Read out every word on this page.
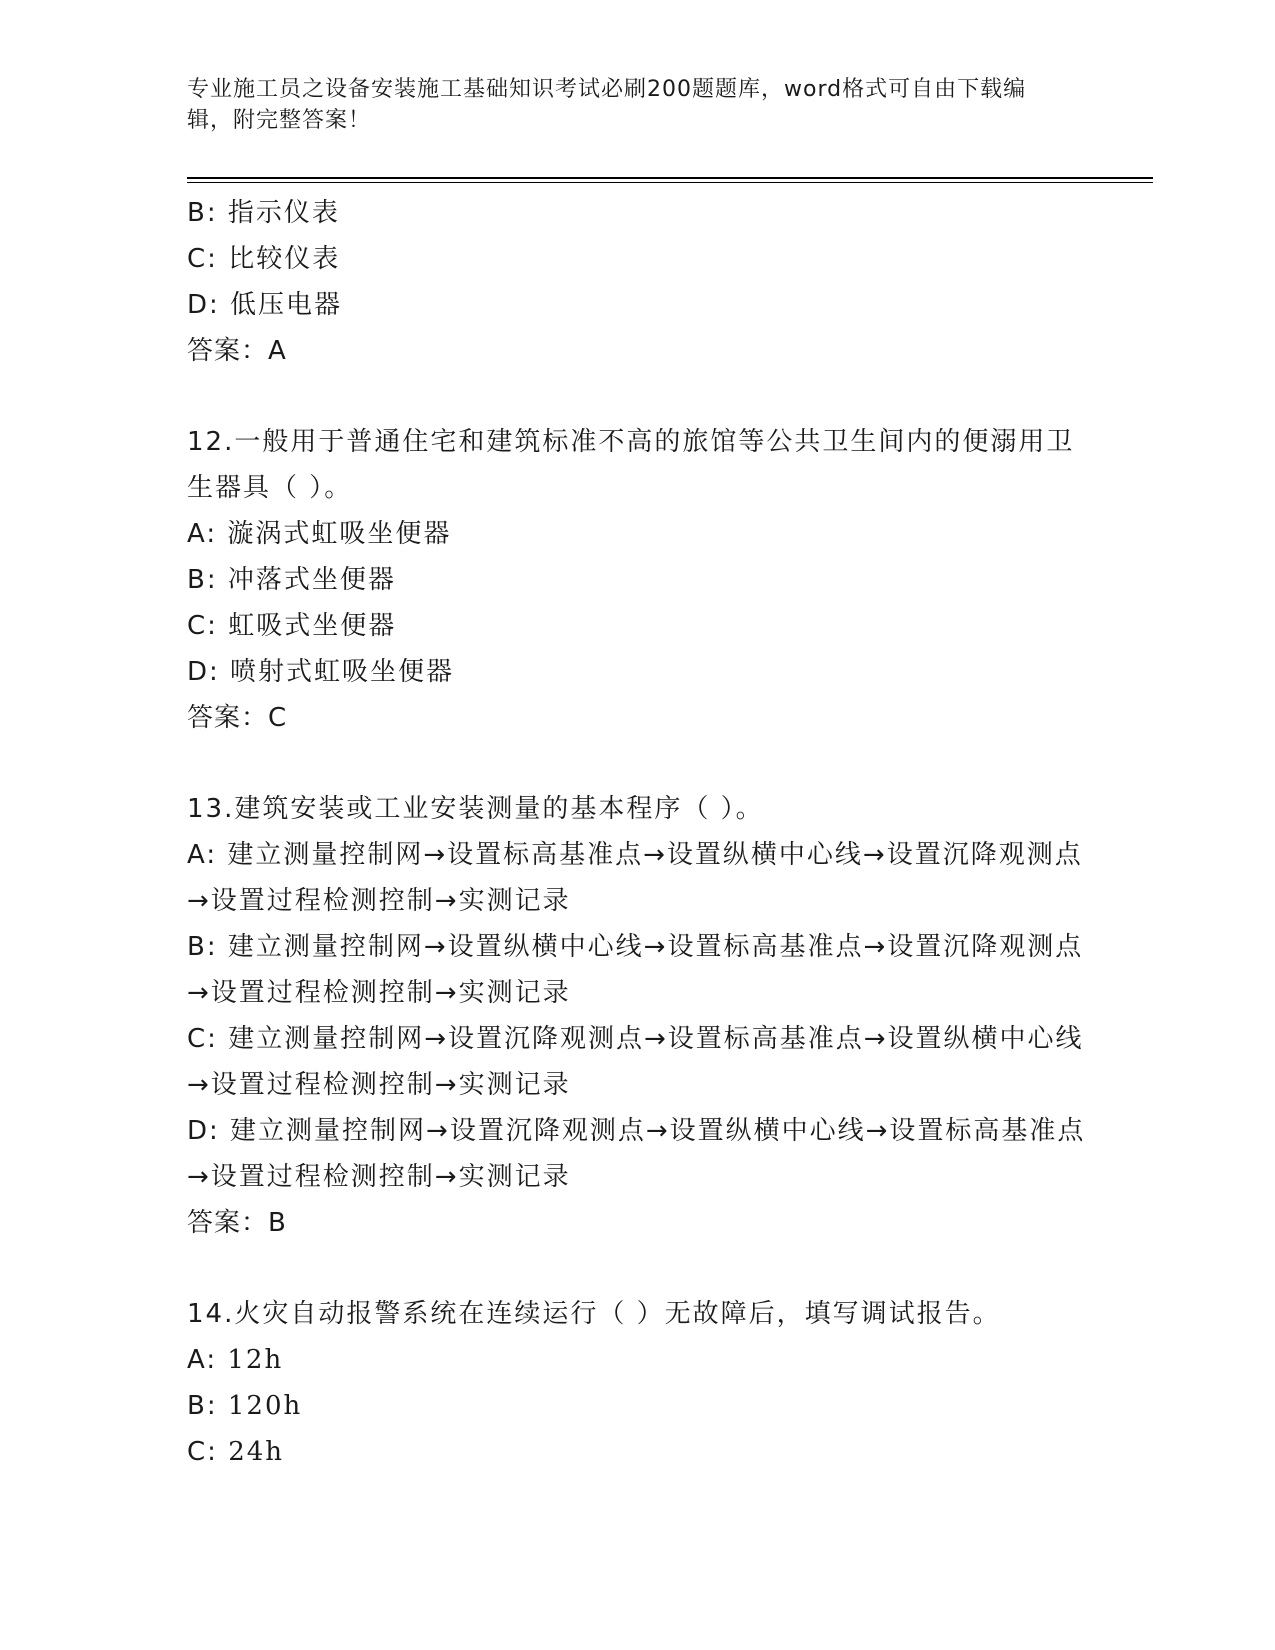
专业施工员之设备安装施工基础知识考试必刷200题题库，word格式可自由下载编辑，附完整答案！
B: 指示仪表
C: 比较仪表
D: 低压电器
答案：A
12.一般用于普通住宅和建筑标准不高的旅馆等公共卫生间内的便溺用卫生器具（ ）。
A: 漩涡式虹吸坐便器
B: 冲落式坐便器
C: 虹吸式坐便器
D: 喷射式虹吸坐便器
答案：C
13.建筑安装或工业安装测量的基本程序（ ）。
A: 建立测量控制网→设置标高基准点→设置纵横中心线→设置沉降观测点→设置过程检测控制→实测记录
B: 建立测量控制网→设置纵横中心线→设置标高基准点→设置沉降观测点→设置过程检测控制→实测记录
C: 建立测量控制网→设置沉降观测点→设置标高基准点→设置纵横中心线→设置过程检测控制→实测记录
D: 建立测量控制网→设置沉降观测点→设置纵横中心线→设置标高基准点→设置过程检测控制→实测记录
答案：B
14.火灾自动报警系统在连续运行（ ）无故障后，填写调试报告。
A: 12h
B: 120h
C: 24h
